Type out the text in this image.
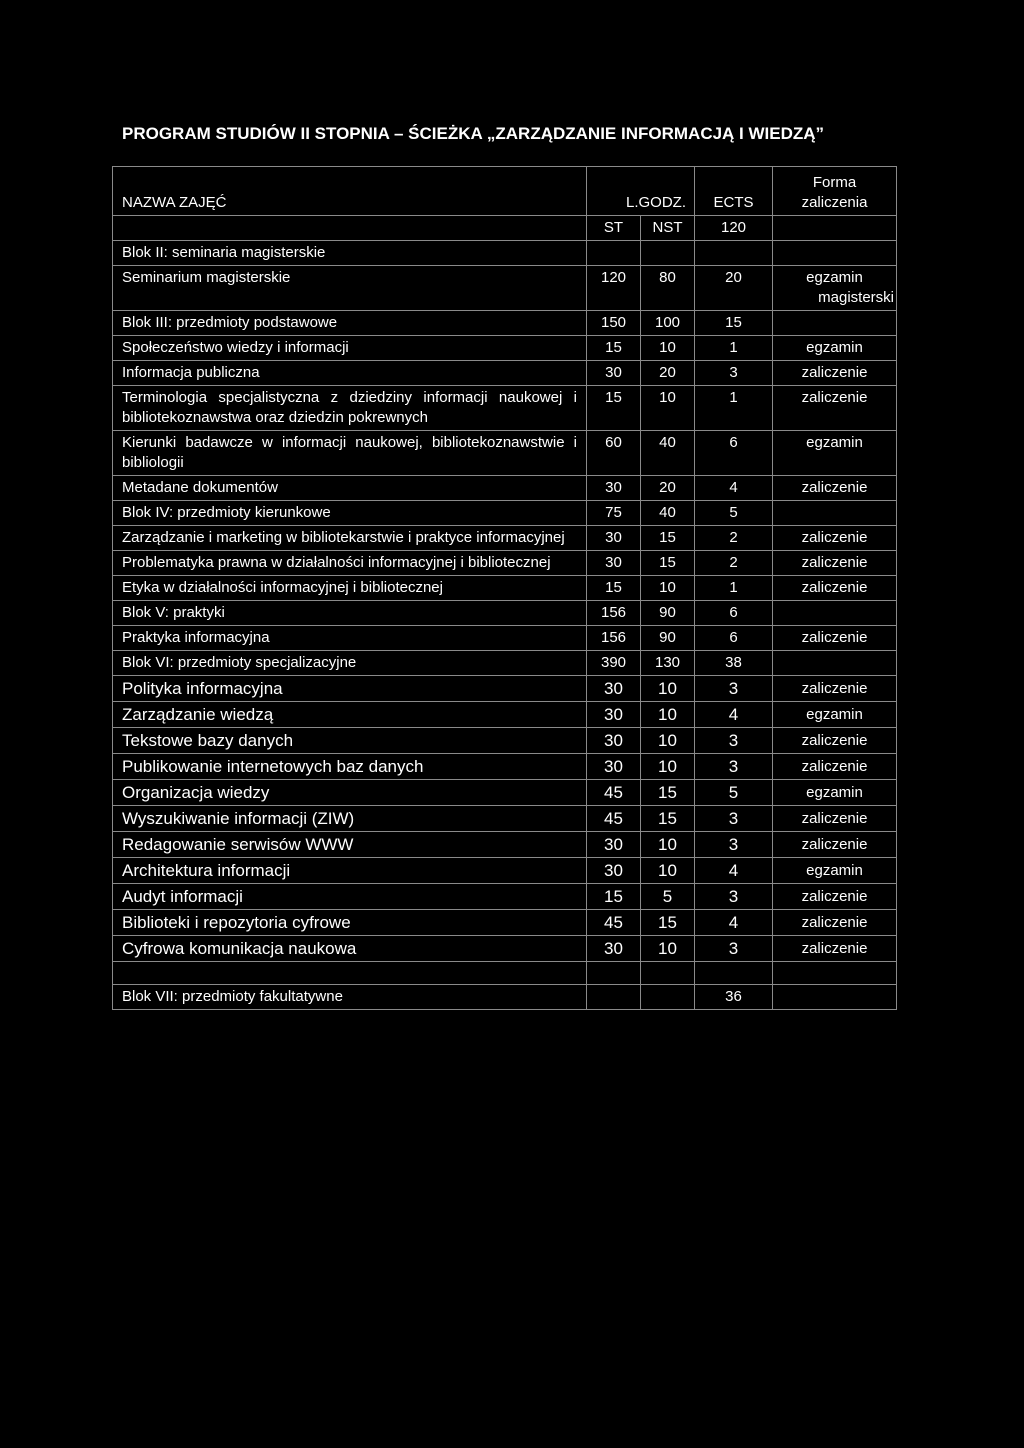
PROGRAM STUDIÓW II STOPNIA – ŚCIEŻKA „ZARZĄDZANIE INFORMACJĄ I WIEDZĄ”
NAZWA ZAJĘĆ	L.GODZ.		ECTS	Forma
zaliczenia

	ST	NST	120	
Blok II: seminaria magisterskie				
Seminarium magisterskie	120	80	20	egzamin
magisterski

Blok III: przedmioty podstawowe	150	100	15	
Społeczeństwo wiedzy i informacji	15	10	1	egzamin
Informacja publiczna	30	20	3	zaliczenie
Terminologia specjalistyczna z dziedziny informacji naukowej i bibliotekoznawstwa oraz dziedzin pokrewnych	15	10	1	zaliczenie
Kierunki badawcze w informacji naukowej, bibliotekoznawstwie i bibliologii	60	40	6	egzamin
Metadane dokumentów	30	20	4	zaliczenie
Blok IV: przedmioty kierunkowe	75	40	5	
Zarządzanie i marketing w bibliotekarstwie i praktyce informacyjnej	30	15	2	zaliczenie
Problematyka prawna w działalności informacyjnej i bibliotecznej	30	15	2	zaliczenie
Etyka w działalności informacyjnej i bibliotecznej	15	10	1	zaliczenie
Blok V: praktyki	156	90	6	
Praktyka informacyjna	156	90	6	zaliczenie
Blok VI: przedmioty specjalizacyjne	390	130	38	
Polityka informacyjna	30	10	3	zaliczenie
Zarządzanie wiedzą	30	10	4	egzamin
Tekstowe bazy danych	30	10	3	zaliczenie
Publikowanie internetowych baz danych	30	10	3	zaliczenie
Organizacja wiedzy	45	15	5	egzamin
Wyszukiwanie informacji (ZIW)	45	15	3	zaliczenie
Redagowanie serwisów WWW	30	10	3	zaliczenie
Architektura informacji	30	10	4	egzamin
Audyt informacji	15	5	3	zaliczenie
Biblioteki i repozytoria cyfrowe	45	15	4	zaliczenie
Cyfrowa komunikacja naukowa	30	10	3	zaliczenie

Blok VII: przedmioty fakultatywne			36	
